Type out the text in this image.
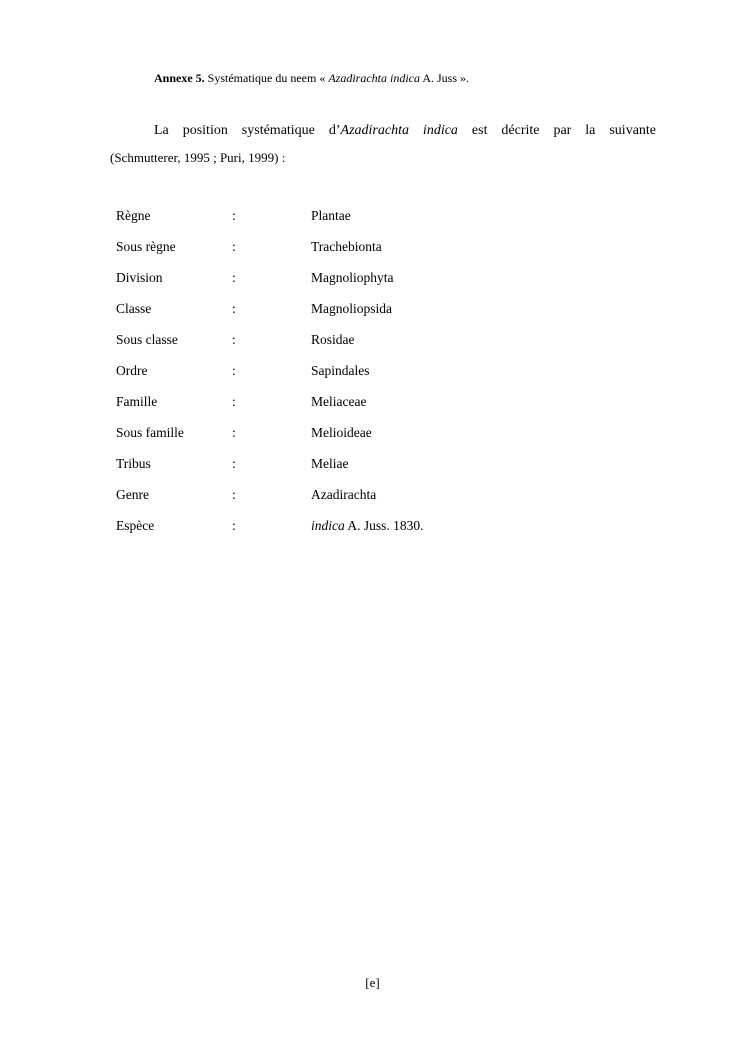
Annexe 5. Systématique du neem « Azadirachta indica A. Juss ».
La position systématique d’Azadirachta indica est décrite par la suivante
(Schmutterer, 1995 ; Puri, 1999) :
Règne	:	Plantae
Sous règne	:	Trachebionta
Division	:	Magnoliophyta
Classe	:	Magnoliopsida
Sous classe	:	Rosidae
Ordre	:	Sapindales
Famille	:	Meliaceae
Sous famille	:	Melioideae
Tribus	:	Meliae
Genre	:	Azadirachta
Espèce	:	indica A. Juss. 1830.
[e]
